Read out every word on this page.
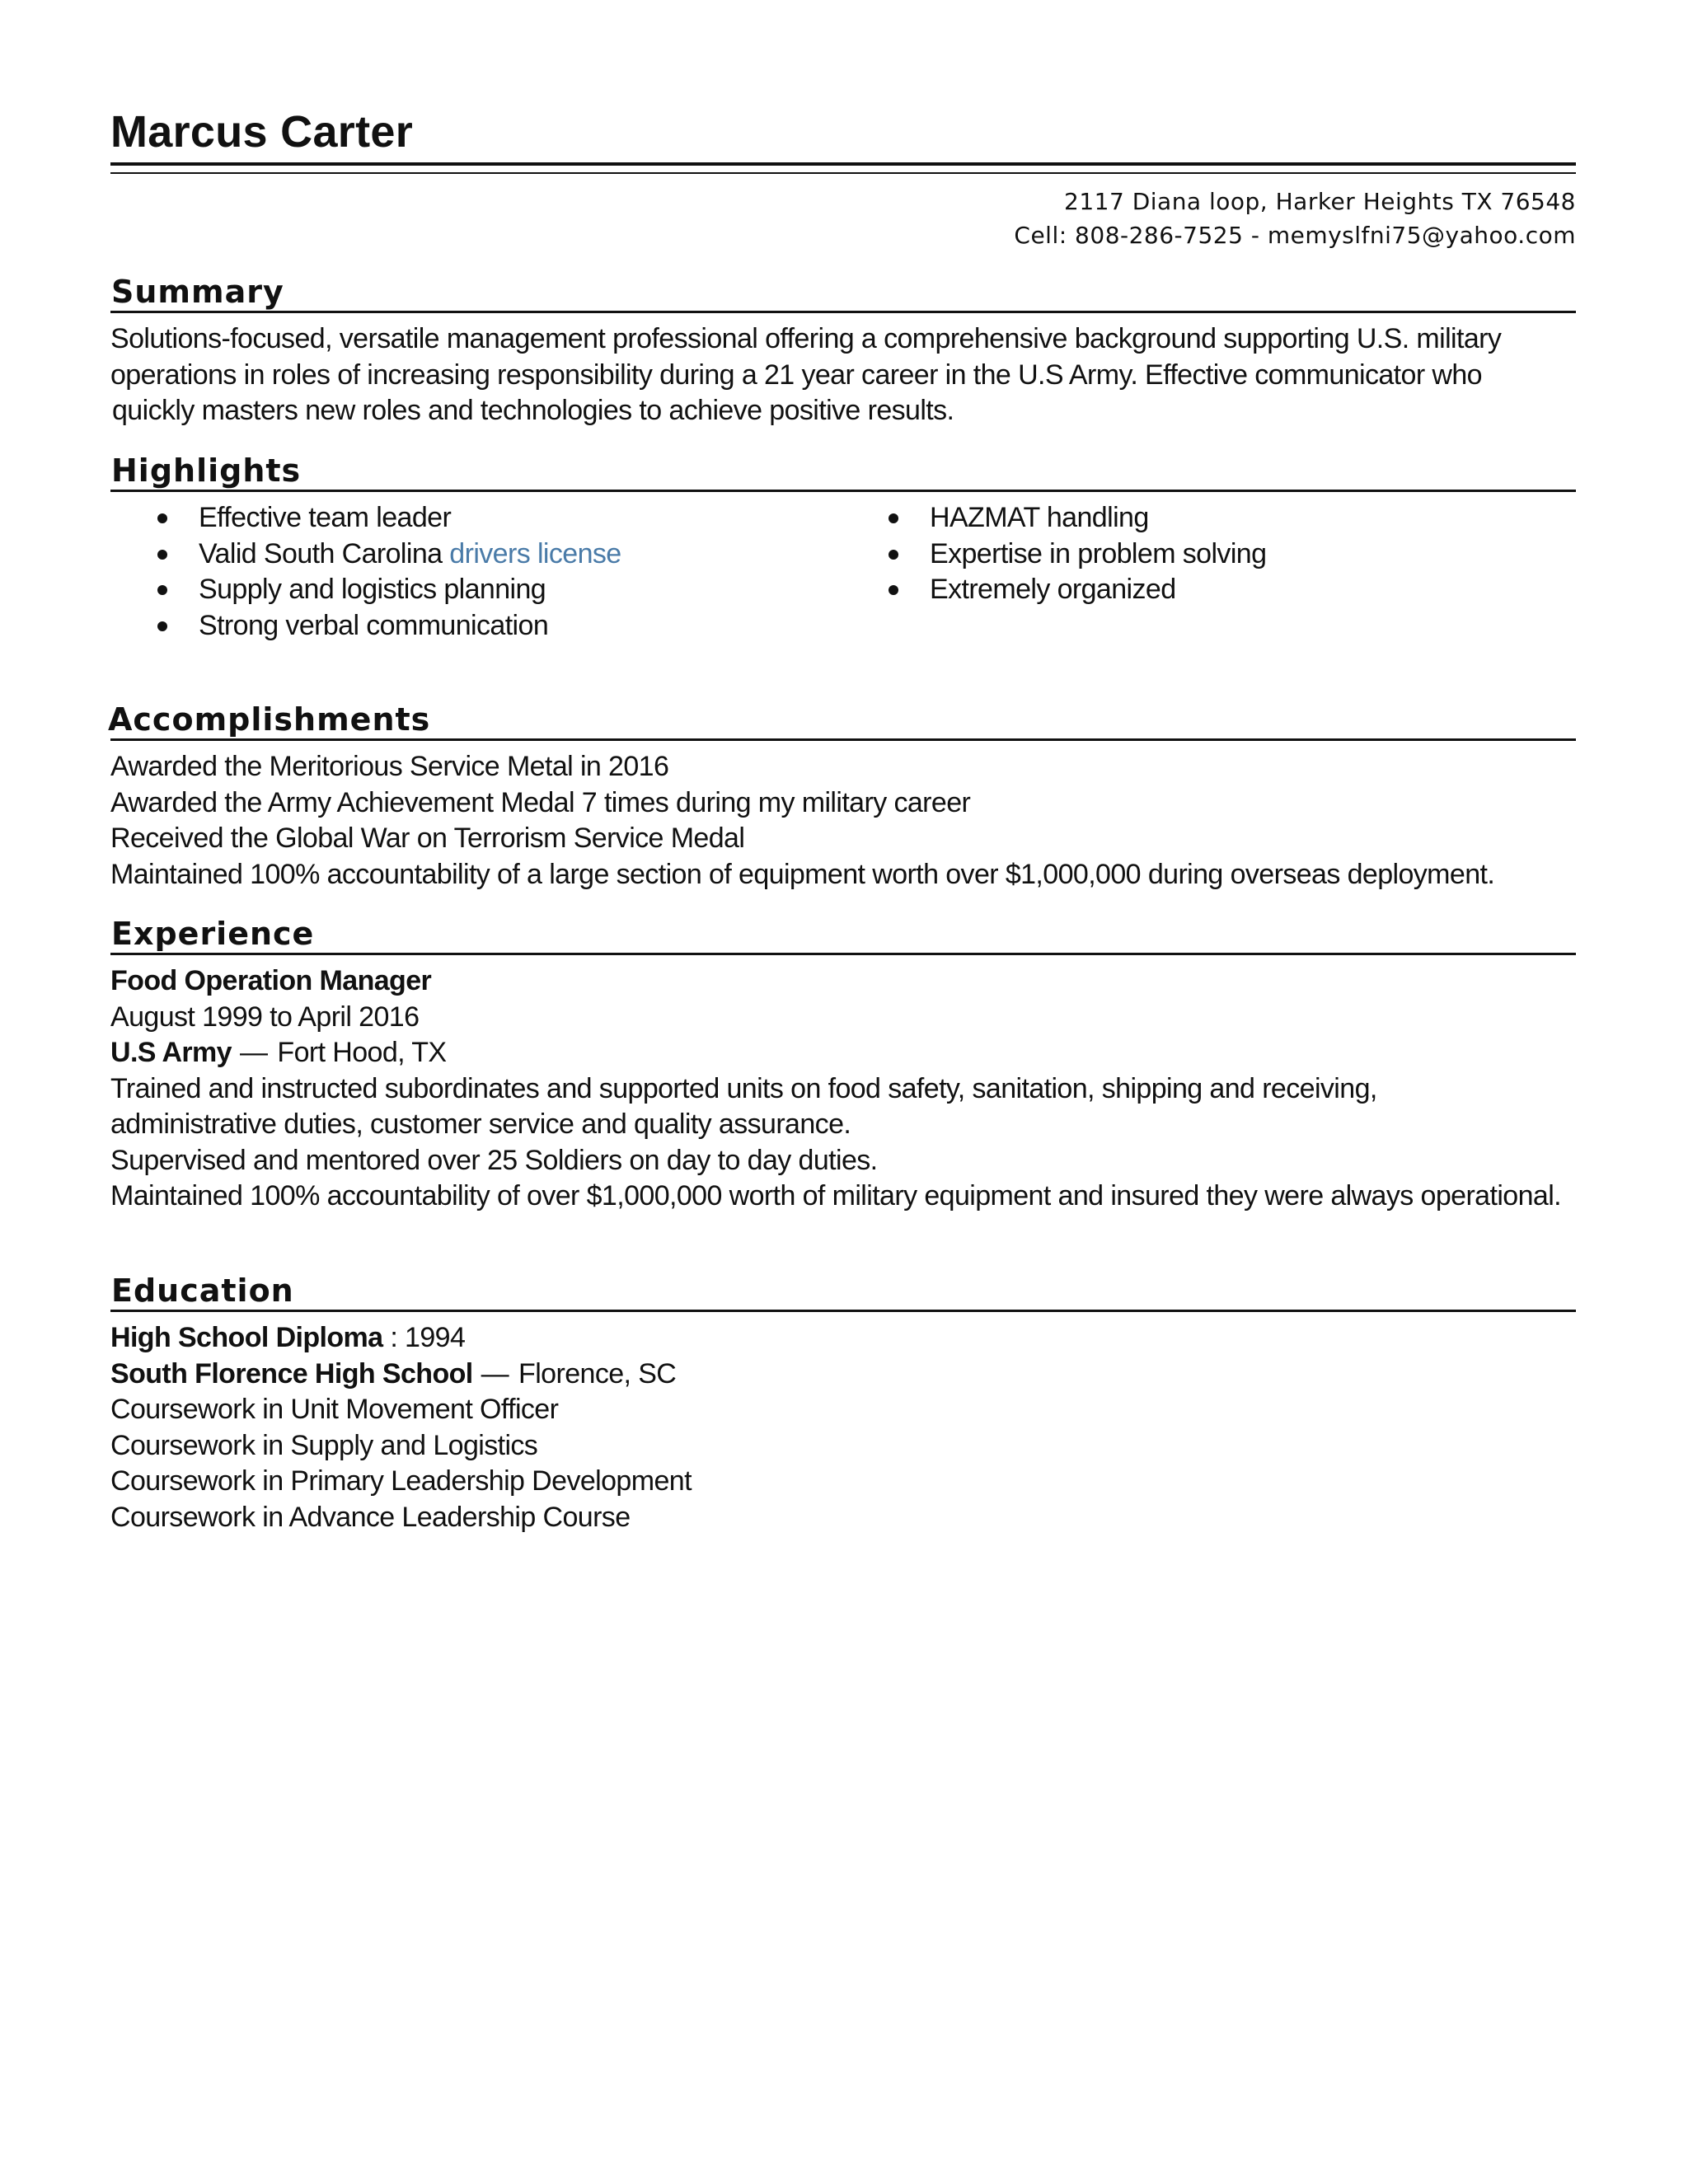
Marcus Carter
2117 Diana loop, Harker Heights TX 76548
Cell: 808-286-7525 - memyslfni75@yahoo.com
Summary
Solutions-focused, versatile management professional offering a comprehensive background supporting U.S. military
operations in roles of increasing responsibility during a 21 year career in the U.S Army. Effective communicator who
quickly masters new roles and technologies to achieve positive results.
Highlights
Effective team leader
Valid South Carolina drivers license
Supply and logistics planning
Strong verbal communication
HAZMAT handling
Expertise in problem solving
Extremely organized
Accomplishments
Awarded the Meritorious Service Metal in 2016
Awarded the Army Achievement Medal 7 times during my military career
Received the Global War on Terrorism Service Medal
Maintained 100% accountability of a large section of equipment worth over $1,000,000 during overseas deployment.
Experience
Food Operation Manager
August 1999 to April 2016
U.S Army — Fort Hood, TX
Trained and instructed subordinates and supported units on food safety, sanitation, shipping and receiving,
administrative duties, customer service and quality assurance.
Supervised and mentored over 25 Soldiers on day to day duties.
Maintained 100% accountability of over $1,000,000 worth of military equipment and insured they were always operational.
Education
High School Diploma : 1994
South Florence High School — Florence, SC
Coursework in Unit Movement Officer
Coursework in Supply and Logistics
Coursework in Primary Leadership Development
Coursework in Advance Leadership Course
